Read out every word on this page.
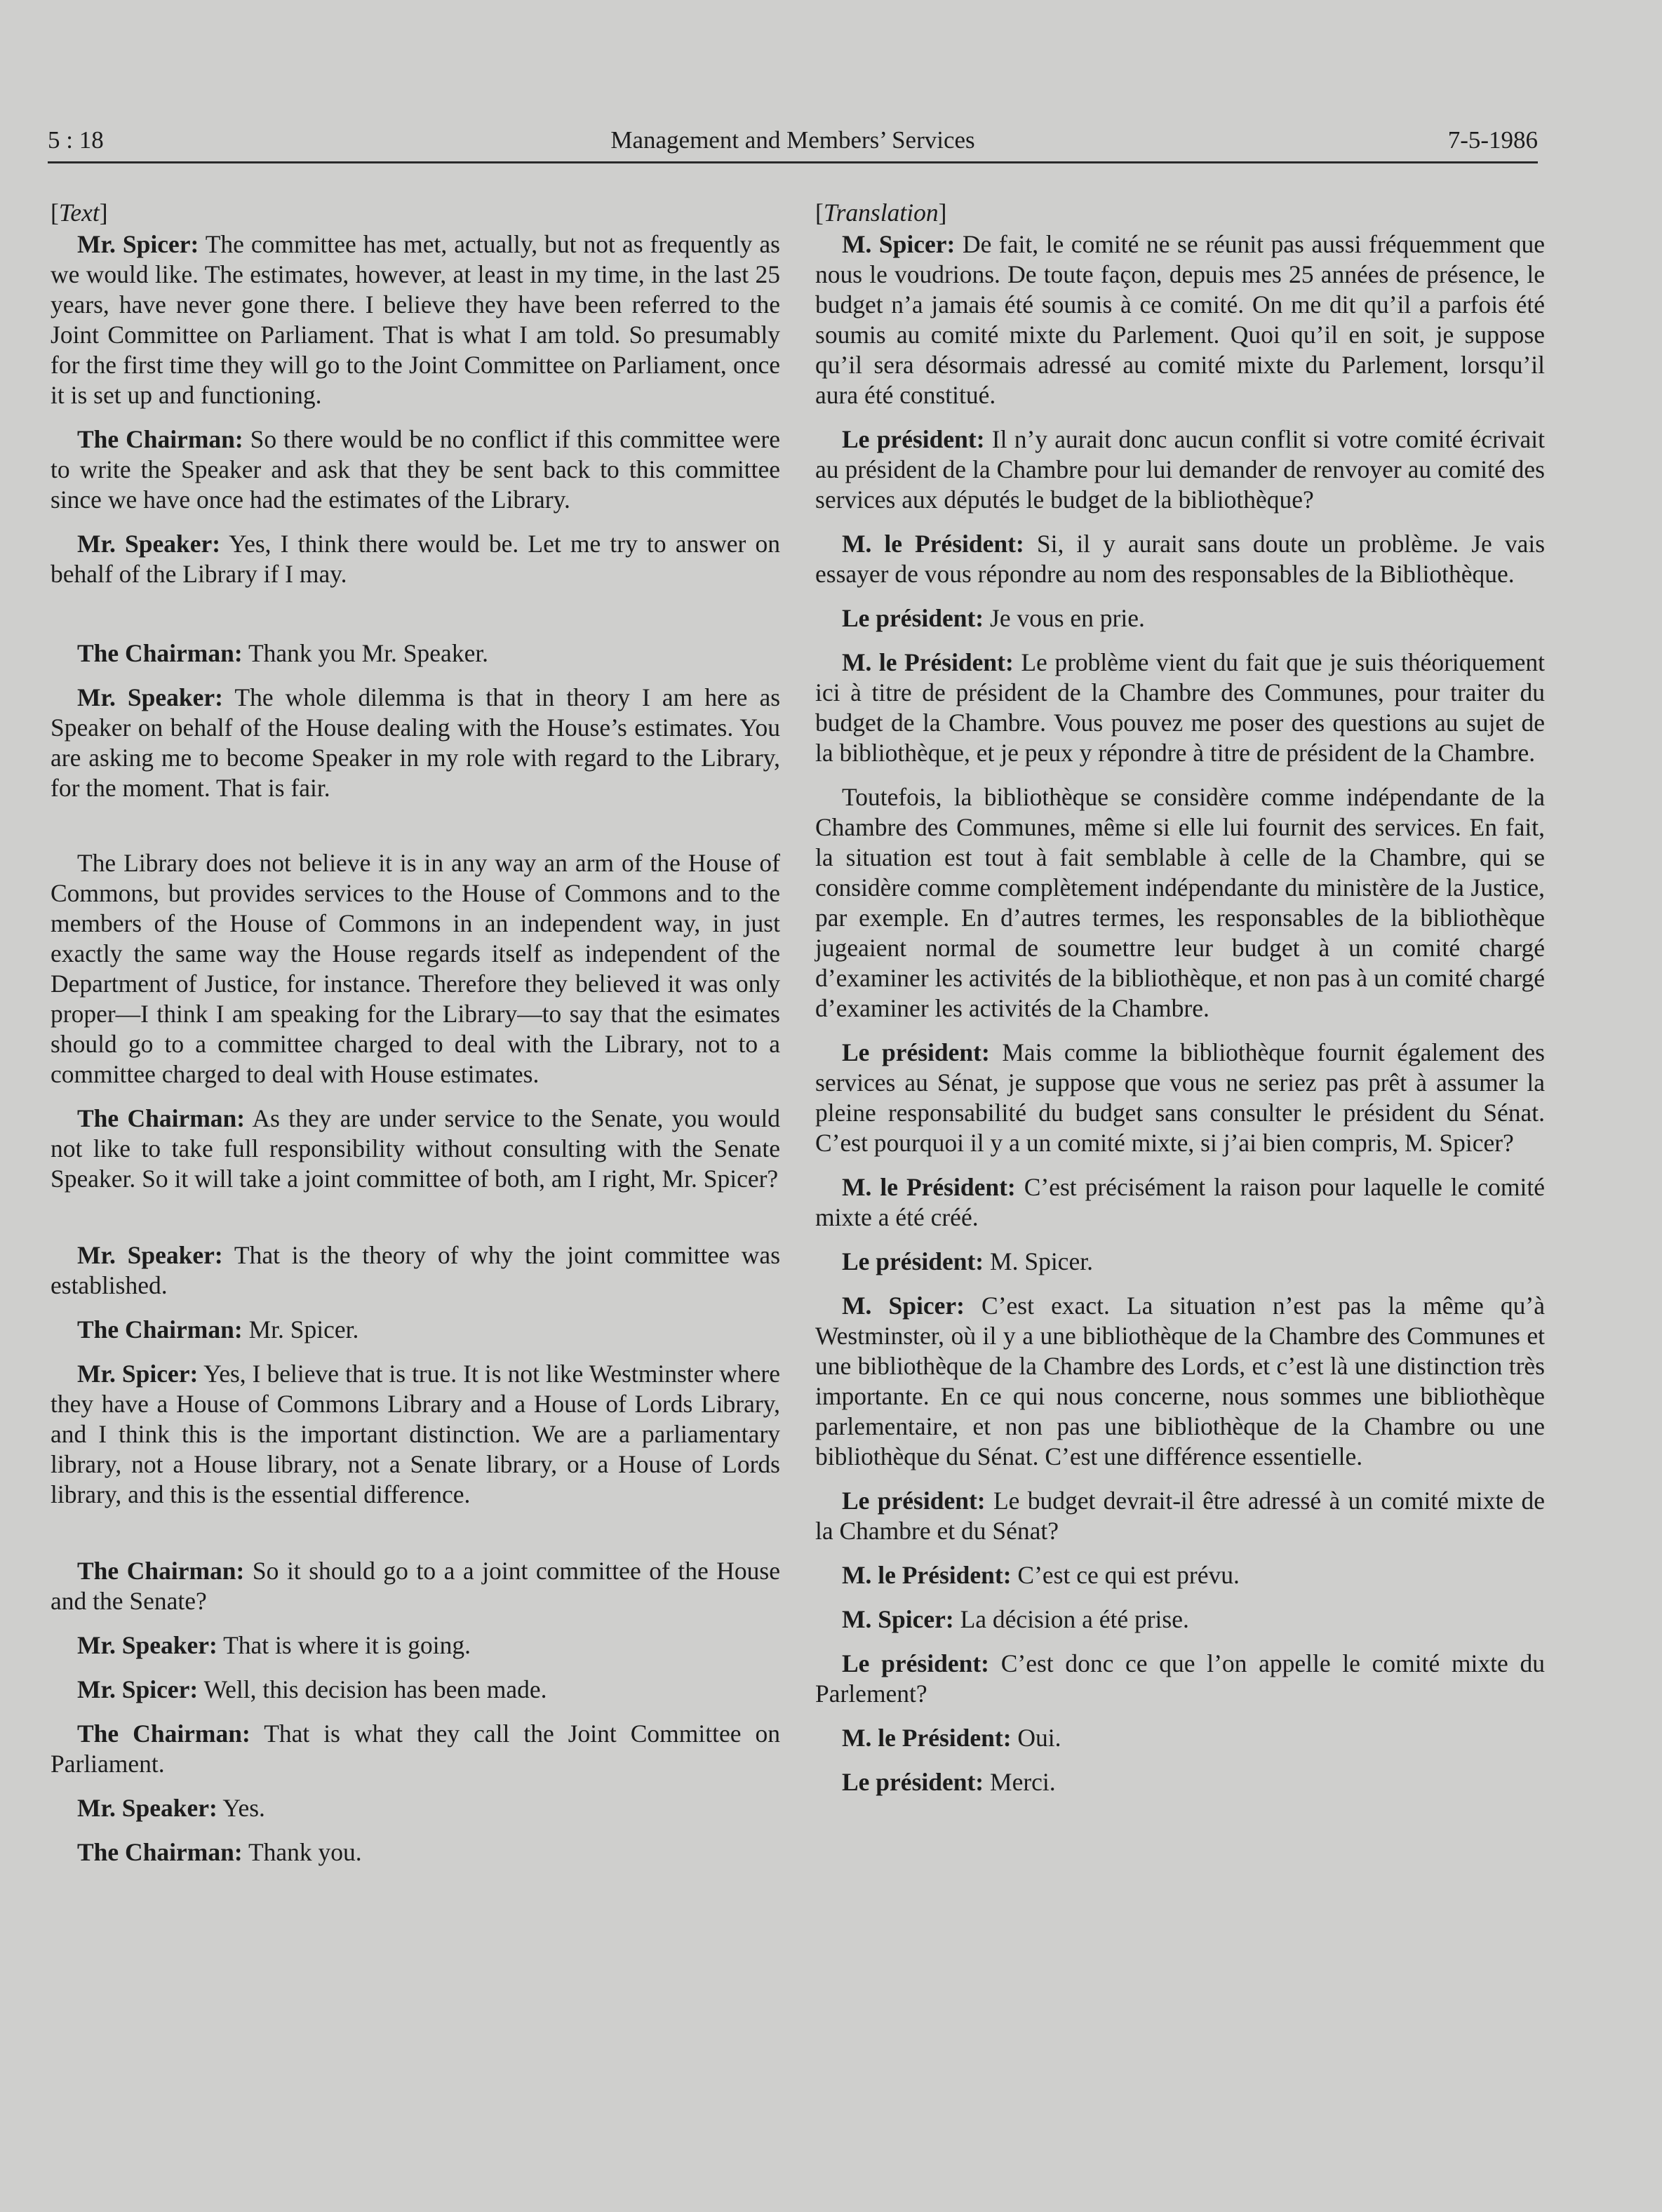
5 : 18	Management and Members’ Services	7-5-1986
[Text]

Mr. Spicer: The committee has met, actually, but not as frequently as we would like. The estimates, however, at least in my time, in the last 25 years, have never gone there. I believe they have been referred to the Joint Committee on Parliament. That is what I am told. So presumably for the first time they will go to the Joint Committee on Parliament, once it is set up and functioning.

The Chairman: So there would be no conflict if this committee were to write the Speaker and ask that they be sent back to this committee since we have once had the estimates of the Library.

Mr. Speaker: Yes, I think there would be. Let me try to answer on behalf of the Library if I may.

The Chairman: Thank you Mr. Speaker.

Mr. Speaker: The whole dilemma is that in theory I am here as Speaker on behalf of the House dealing with the House’s estimates. You are asking me to become Speaker in my role with regard to the Library, for the moment. That is fair.

The Library does not believe it is in any way an arm of the House of Commons, but provides services to the House of Commons and to the members of the House of Commons in an independent way, in just exactly the same way the House regards itself as independent of the Department of Justice, for instance. Therefore they believed it was only proper—I think I am speaking for the Library—to say that the esimates should go to a committee charged to deal with the Library, not to a committee charged to deal with House estimates.

The Chairman: As they are under service to the Senate, you would not like to take full responsibility without consulting with the Senate Speaker. So it will take a joint committee of both, am I right, Mr. Spicer?

Mr. Speaker: That is the theory of why the joint committee was established.

The Chairman: Mr. Spicer.

Mr. Spicer: Yes, I believe that is true. It is not like Westminster where they have a House of Commons Library and a House of Lords Library, and I think this is the important distinction. We are a parliamentary library, not a House library, not a Senate library, or a House of Lords library, and this is the essential difference.

The Chairman: So it should go to a a joint committee of the House and the Senate?

Mr. Speaker: That is where it is going.

Mr. Spicer: Well, this decision has been made.

The Chairman: That is what they call the Joint Committee on Parliament.

Mr. Speaker: Yes.

The Chairman: Thank you.

[Translation]

M. Spicer: De fait, le comité ne se réunit pas aussi fréquemment que nous le voudrions. De toute façon, depuis mes 25 années de présence, le budget n’a jamais été soumis à ce comité. On me dit qu’il a parfois été soumis au comité mixte du Parlement. Quoi qu’il en soit, je suppose qu’il sera désormais adressé au comité mixte du Parlement, lorsqu’il aura été constitué.

Le président: Il n’y aurait donc aucun conflit si votre comité écrivait au président de la Chambre pour lui demander de renvoyer au comité des services aux députés le budget de la bibliothèque?

M. le Président: Si, il y aurait sans doute un problème. Je vais essayer de vous répondre au nom des responsables de la Bibliothèque.

Le président: Je vous en prie.

M. le Président: Le problème vient du fait que je suis théoriquement ici à titre de président de la Chambre des Communes, pour traiter du budget de la Chambre. Vous pouvez me poser des questions au sujet de la bibliothèque, et je peux y répondre à titre de président de la Chambre.

Toutefois, la bibliothèque se considère comme indépendante de la Chambre des Communes, même si elle lui fournit des services. En fait, la situation est tout à fait semblable à celle de la Chambre, qui se considère comme complètement indépendante du ministère de la Justice, par exemple. En d’autres termes, les responsables de la bibliothèque jugeaient normal de soumettre leur budget à un comité chargé d’examiner les activités de la bibliothèque, et non pas à un comité chargé d’examiner les activités de la Chambre.

Le président: Mais comme la bibliothèque fournit également des services au Sénat, je suppose que vous ne seriez pas prêt à assumer la pleine responsabilité du budget sans consulter le président du Sénat. C’est pourquoi il y a un comité mixte, si j’ai bien compris, M. Spicer?

M. le Président: C’est précisément la raison pour laquelle le comité mixte a été créé.

Le président: M. Spicer.

M. Spicer: C’est exact. La situation n’est pas la même qu’à Westminster, où il y a une bibliothèque de la Chambre des Communes et une bibliothèque de la Chambre des Lords, et c’est là une distinction très importante. En ce qui nous concerne, nous sommes une bibliothèque parlementaire, et non pas une bibliothèque de la Chambre ou une bibliothèque du Sénat. C’est une différence essentielle.

Le président: Le budget devrait-il être adressé à un comité mixte de la Chambre et du Sénat?

M. le Président: C’est ce qui est prévu.

M. Spicer: La décision a été prise.

Le président: C’est donc ce que l’on appelle le comité mixte du Parlement?

M. le Président: Oui.

Le président: Merci.
